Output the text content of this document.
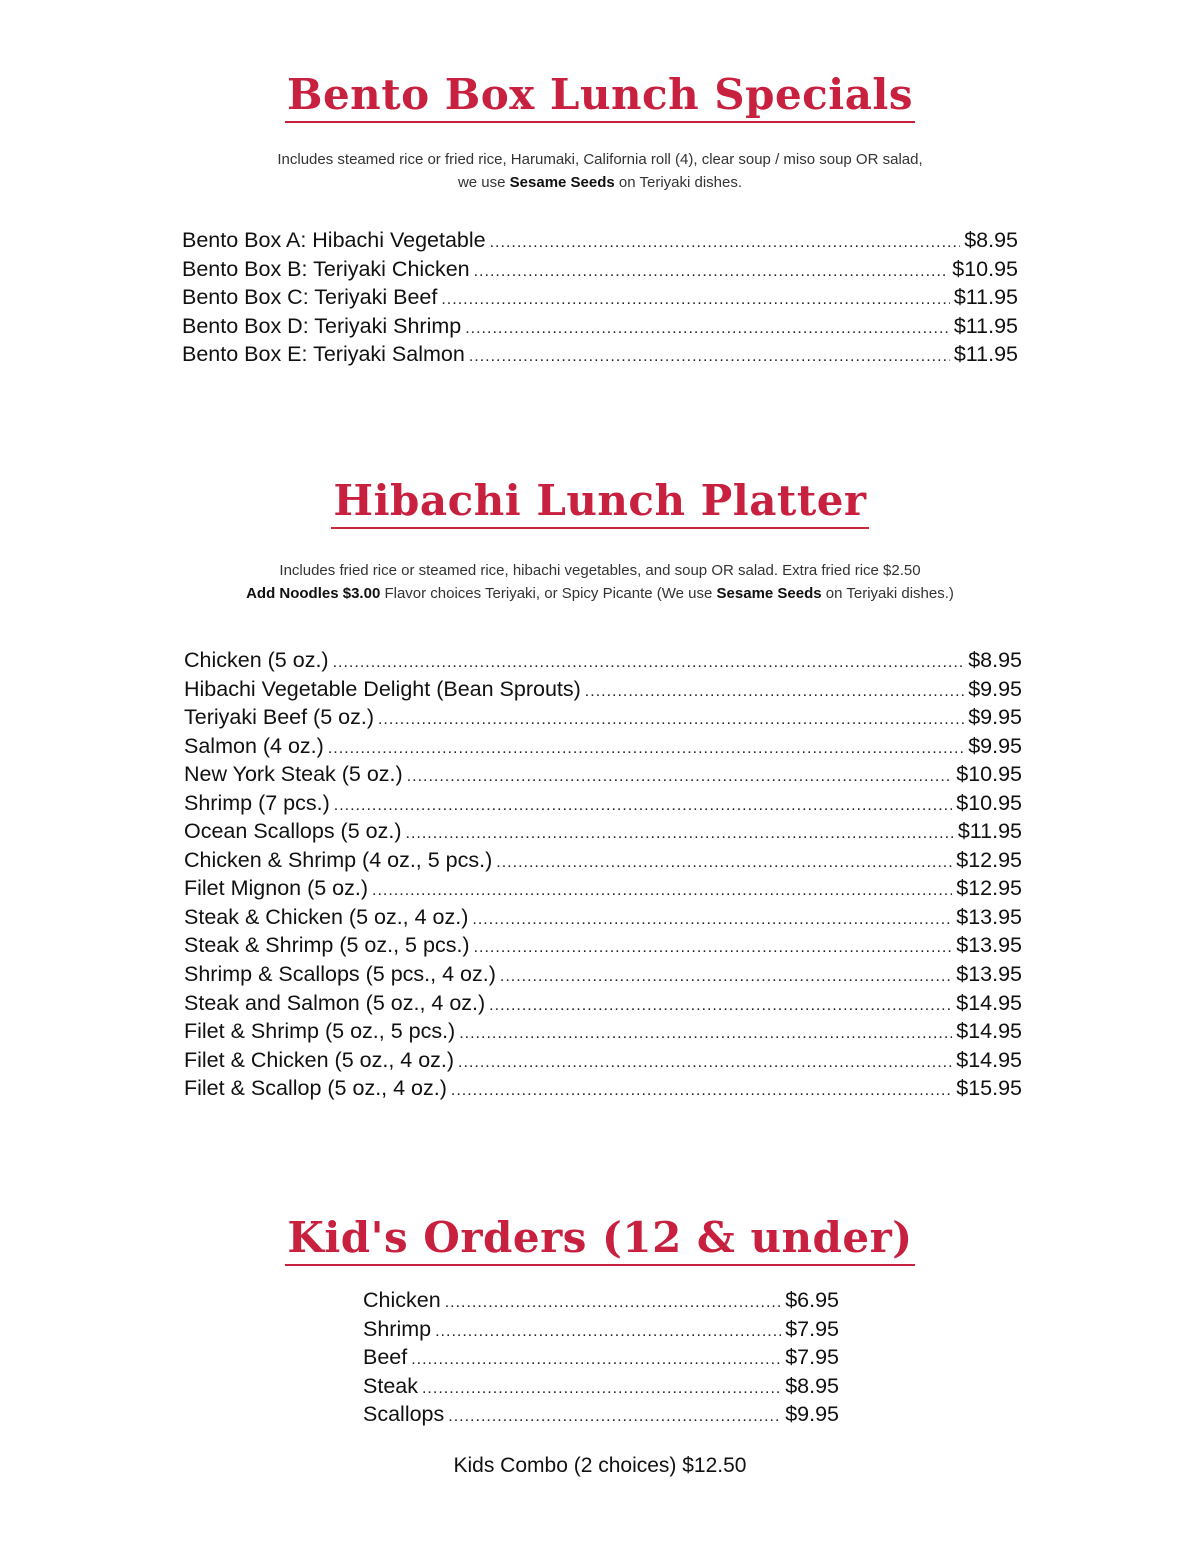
Bento Box Lunch Specials

Includes steamed rice or fried rice, Harumaki, California roll (4), clear soup / miso soup OR salad,
we use Sesame Seeds on Teriyaki dishes.

Bento Box A: Hibachi Vegetable .....	$8.95
Bento Box B: Teriyaki Chicken .....	$10.95
Bento Box C: Teriyaki Beef .....	$11.95
Bento Box D: Teriyaki Shrimp .....	$11.95
Bento Box E: Teriyaki Salmon .....	$11.95
Hibachi Lunch Platter

Includes fried rice or steamed rice, hibachi vegetables, and soup OR salad. Extra fried rice $2.50
Add Noodles $3.00 Flavor choices Teriyaki, or Spicy Picante (We use Sesame Seeds on Teriyaki dishes.)

Chicken (5 oz.) .....	$8.95
Hibachi Vegetable Delight (Bean Sprouts) .....	$9.95
Teriyaki Beef (5 oz.) .....	$9.95
Salmon (4 oz.) .....	$9.95
New York Steak (5 oz.) .....	$10.95
Shrimp (7 pcs.) .....	$10.95
Ocean Scallops (5 oz.) .....	$11.95
Chicken & Shrimp (4 oz., 5 pcs.) .....	$12.95
Filet Mignon (5 oz.) .....	$12.95
Steak & Chicken (5 oz., 4 oz.) .....	$13.95
Steak & Shrimp (5 oz., 5 pcs.) .....	$13.95
Shrimp & Scallops (5 pcs., 4 oz.) .....	$13.95
Steak and Salmon (5 oz., 4 oz.) .....	$14.95
Filet & Shrimp (5 oz., 5 pcs.) .....	$14.95
Filet & Chicken (5 oz., 4 oz.) .....	$14.95
Filet & Scallop (5 oz., 4 oz.) .....	$15.95
Kid's Orders (12 & under)
Chicken .....	$6.95
Shrimp .....	$7.95
Beef .....	$7.95
Steak .....	$8.95
Scallops .....	$9.95
Kids Combo (2 choices) $12.50
